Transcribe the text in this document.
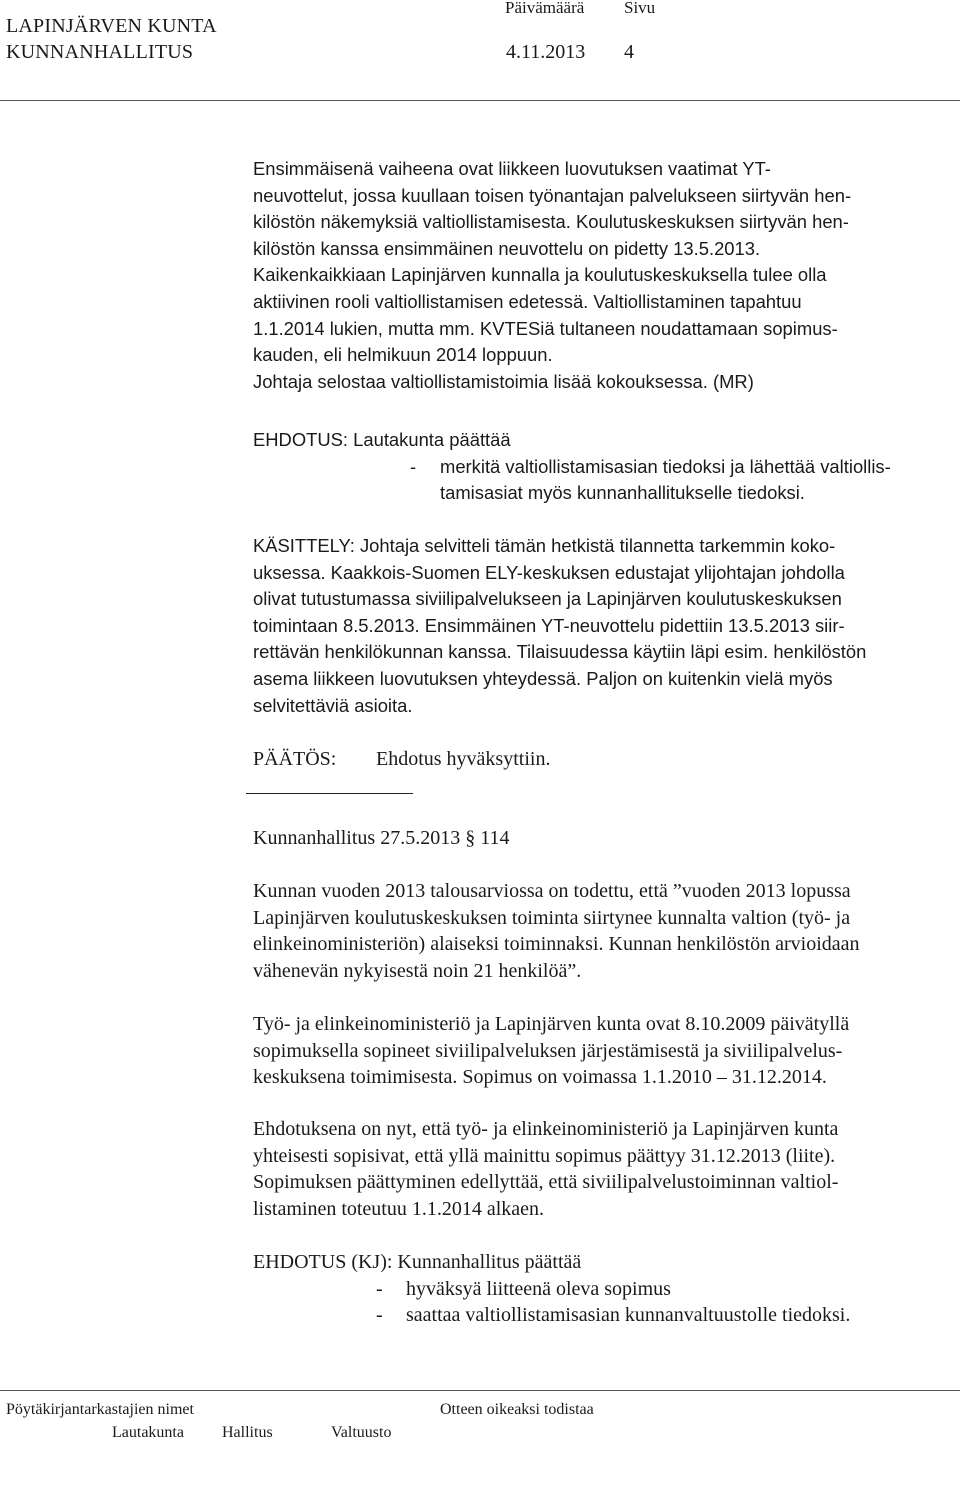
LAPINJÄRVEN KUNTA
KUNNANHALLITUS
Päivämäärä Sivu
4.11.2013 4
Ensimmäisenä vaiheena ovat liikkeen luovutuksen vaatimat YT-
neuvottelut, jossa kuullaan toisen työnantajan palvelukseen siirtyvän hen-
kilöstön näkemyksiä valtiollistamisesta. Koulutuskeskuksen siirtyvän hen-
kilöstön kanssa ensimmäinen neuvottelu on pidetty 13.5.2013.
Kaikenkaikkiaan Lapinjärven kunnalla ja koulutuskeskuksella tulee olla
aktiivinen rooli valtiollistamisen edetessä. Valtiollistaminen tapahtuu
1.1.2014 lukien, mutta mm. KVTESiä tultaneen noudattamaan sopimus-
kauden, eli helmikuun 2014 loppuun.
Johtaja selostaa valtiollistamistoimia lisää kokouksessa. (MR)
EHDOTUS: Lautakunta päättää
- merkitä valtiollistamisasian tiedoksi ja lähettää valtiollis-
tamisasiat myös kunnanhallitukselle tiedoksi.
KÄSITTELY: Johtaja selvitteli tämän hetkistä tilannetta tarkemmin koko-
uksessa. Kaakkois-Suomen ELY-keskuksen edustajat ylijohtajan johdolla
olivat tutustumassa siviilipalvelukseen ja Lapinjärven koulutuskeskuksen
toimintaan 8.5.2013. Ensimmäinen YT-neuvottelu pidettiin 13.5.2013 siir-
rettävän henkilökunnan kanssa. Tilaisuudessa käytiin läpi esim. henkilöstön
asema liikkeen luovutuksen yhteydessä. Paljon on kuitenkin vielä myös
selvitettäviä asioita.
PÄÄTÖS: Ehdotus hyväksyttiin.
Kunnanhallitus 27.5.2013 § 114
Kunnan vuoden 2013 talousarviossa on todettu, että ”vuoden 2013 lopussa
Lapinjärven koulutuskeskuksen toiminta siirtynee kunnalta valtion (työ- ja
elinkeinoministeriön) alaiseksi toiminnaksi. Kunnan henkilöstön arvioidaan
vähenevän nykyisestä noin 21 henkilöä”.
Työ- ja elinkeinoministeriö ja Lapinjärven kunta ovat 8.10.2009 päivätyllä
sopimuksella sopineet siviilipalveluksen järjestämisestä ja siviilipalvelus-
keskuksena toimimisesta. Sopimus on voimassa 1.1.2010 – 31.12.2014.
Ehdotuksena on nyt, että työ- ja elinkeinoministeriö ja Lapinjärven kunta
yhteisesti sopisivat, että yllä mainittu sopimus päättyy 31.12.2013 (liite).
Sopimuksen päättyminen edellyttää, että siviilipalvelustoiminnan valtiol-
listaminen toteutuu 1.1.2014 alkaen.
EHDOTUS (KJ): Kunnanhallitus päättää
- hyväksyä liitteenä oleva sopimus
- saattaa valtiollistamisasian kunnanvaltuustolle tiedoksi.
Pöytäkirjantarkastajien nimet	Otteen oikeaksi todistaa
Lautakunta Hallitus	Valtuusto
